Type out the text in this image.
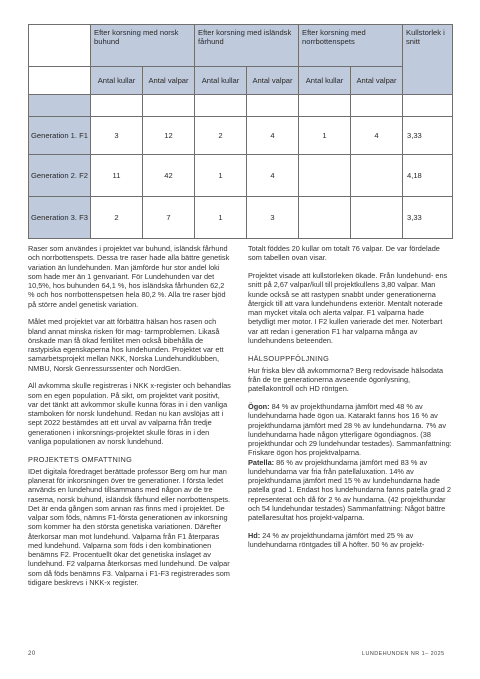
	Efter korsning med norsk buhund		Efter korsning med isländsk fårhund		Efter korsning med norrbottenspets		Kullstorlek i snitt
	Antal kullar	Antal valpar	Antal kullar	Antal valpar	Antal kullar	Antal valpar	

Generation 1. F1	3	12	2	4	1	4	3,33
Generation 2. F2	11	42	1	4			4,18
Generation 3. F3	2	7	1	3			3,33

Raser som användes i projektet var buhund, isländsk fårhund och norrbottenspets. Dessa tre raser hade alla bättre genetisk variation än lundehunden. Man jämförde hur stor andel loki som hade mer än 1 genvariant. För Lundehunden var det 10,5%, hos buhunden 64,1 %, hos isländska fårhunden 62,2 % och hos norrbottenspetsen hela 80,2 %. Alla tre raser bjöd på större andel genetisk variation.

Målet med projektet var att förbättra hälsan hos rasen och bland annat minska risken för mag- tarmproblemen. Likaså önskade man få ökad fertilitet men också bibehålla de rastypiska egenskaperna hos lundehunden. Projektet var ett samarbetsprojekt mellan NKK, Norska Lundehundklubben, NMBU, Norsk Genressurssenter och NordGen.

All avkomma skulle registreras i NKK x-register och behandlas som en egen population. På sikt, om projektet varit positivt, var det tänkt att avkommor skulle kunna föras in i den vanliga stamboken för norsk lundehund. Redan nu kan avslöjas att i sept 2022 bestämdes att ett urval av valparna från tredje generationen i inkorsnings-projektet skulle föras in i den vanliga populationen av norsk lundehund.

PROJEKTETS OMFATTNING

IDet digitala föredraget berättade professor Berg om hur man planerat för inkorsningen över tre generationer. I första ledet används en lundehund tillsammans med någon av de tre raserna, norsk buhund, isländsk fårhund eller norrbottenspets. Det är enda gången som annan ras finns med i projektet. De valpar som föds, nämns F1-första generationen av inkorsning som kommer ha den största genetiska variationen. Därefter återkorsar man mot lundehund. Valparna från F1 återparas med lundehund. Valparna som föds i den kombinationen benämns F2. Procentuellt ökar det genetiska inslaget av lundehund. F2 valparna återkorsas med lundehund. De valpar som då föds benämns F3. Valparna i F1-F3 registrerades som tidigare beskrevs i NKK-x register.

Totalt föddes 20 kullar om totalt 76 valpar. De var fördelade som tabellen ovan visar.

Projektet visade att kullstorleken ökade. Från lundehund- ens snitt på 2,67 valpar/kull till projektkullens 3,80 valpar. Man kunde också se att rastypen snabbt under generationerna återgick till att vara lundehundens exteriör. Mentalt noterade man mycket vitala och alerta valpar. F1 valparna hade betydligt mer motor. I F2 kullen varierade det mer. Noterbart var att redan i generation F1 har valparna många av lundehundens beteenden.

HÄLSOUPPFÖLJNING

Hur friska blev då avkommorna? Berg redovisade hälsodata från de tre generationerna avseende ögonlysning, patellakontroll och HD röntgen.

Ögon: 84 % av projekthundarna jämfört med 48 % av lundehundarna hade ögon ua. Katarakt fanns hos 16 % av projekthundarna jämfört med 28 % av lundehundarna. 7% av lundehundarna hade någon ytterligare ögondiagnos. (38 projekthundar och 29 lundehundar testades). Sammanfattning: Friskare ögon hos projektvalparna.

Patella: 86 % av projekthundarna jämfört med 83 % av lundehundarna var fria från patellaluxation. 14% av projekthundarna jämfört med 15 % av lundehundarna hade patella grad 1. Endast hos lundehundarna fanns patella grad 2 representerat och då för 2 % av hundarna. (42 projekthundar och 54 lundehundar testades) Sammanfattning: Något bättre patellaresultat hos projekt-valparna.

Hd: 24 % av projekthundarna jämfört med 25 % av lundehundarna röntgades till A höfter. 50 % av projekt-

20	LUNDEHUNDEN NR 1– 2025
